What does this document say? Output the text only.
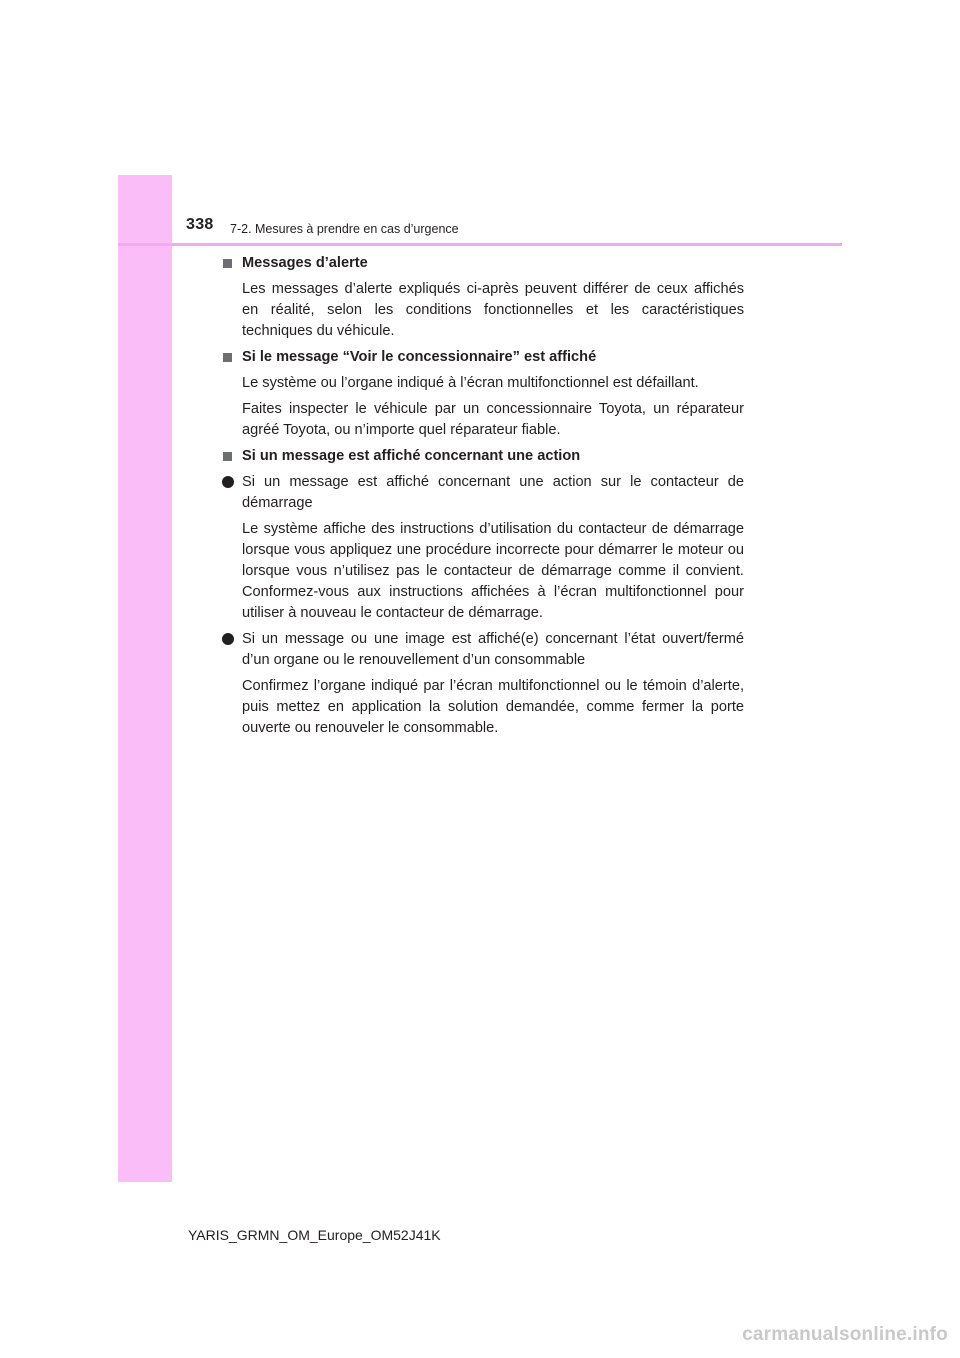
338 7-2. Mesures à prendre en cas d’urgence
Messages d’alerte
Les messages d’alerte expliqués ci-après peuvent différer de ceux affichés en réalité, selon les conditions fonctionnelles et les caractéristiques techniques du véhicule.
Si le message “Voir le concessionnaire” est affiché
Le système ou l’organe indiqué à l’écran multifonctionnel est défaillant.
Faites inspecter le véhicule par un concessionnaire Toyota, un réparateur agréé Toyota, ou n’importe quel réparateur fiable.
Si un message est affiché concernant une action
Si un message est affiché concernant une action sur le contacteur de démarrage
Le système affiche des instructions d’utilisation du contacteur de démarrage lorsque vous appliquez une procédure incorrecte pour démarrer le moteur ou lorsque vous n’utilisez pas le contacteur de démarrage comme il convient. Conformez-vous aux instructions affichées à l’écran multifonctionnel pour utiliser à nouveau le contacteur de démarrage.
Si un message ou une image est affiché(e) concernant l’état ouvert/fermé d’un organe ou le renouvellement d’un consommable
Confirmez l’organe indiqué par l’écran multifonctionnel ou le témoin d’alerte, puis mettez en application la solution demandée, comme fermer la porte ouverte ou renouveler le consommable.
YARIS_GRMN_OM_Europe_OM52J41K
carmanualsonline.info
